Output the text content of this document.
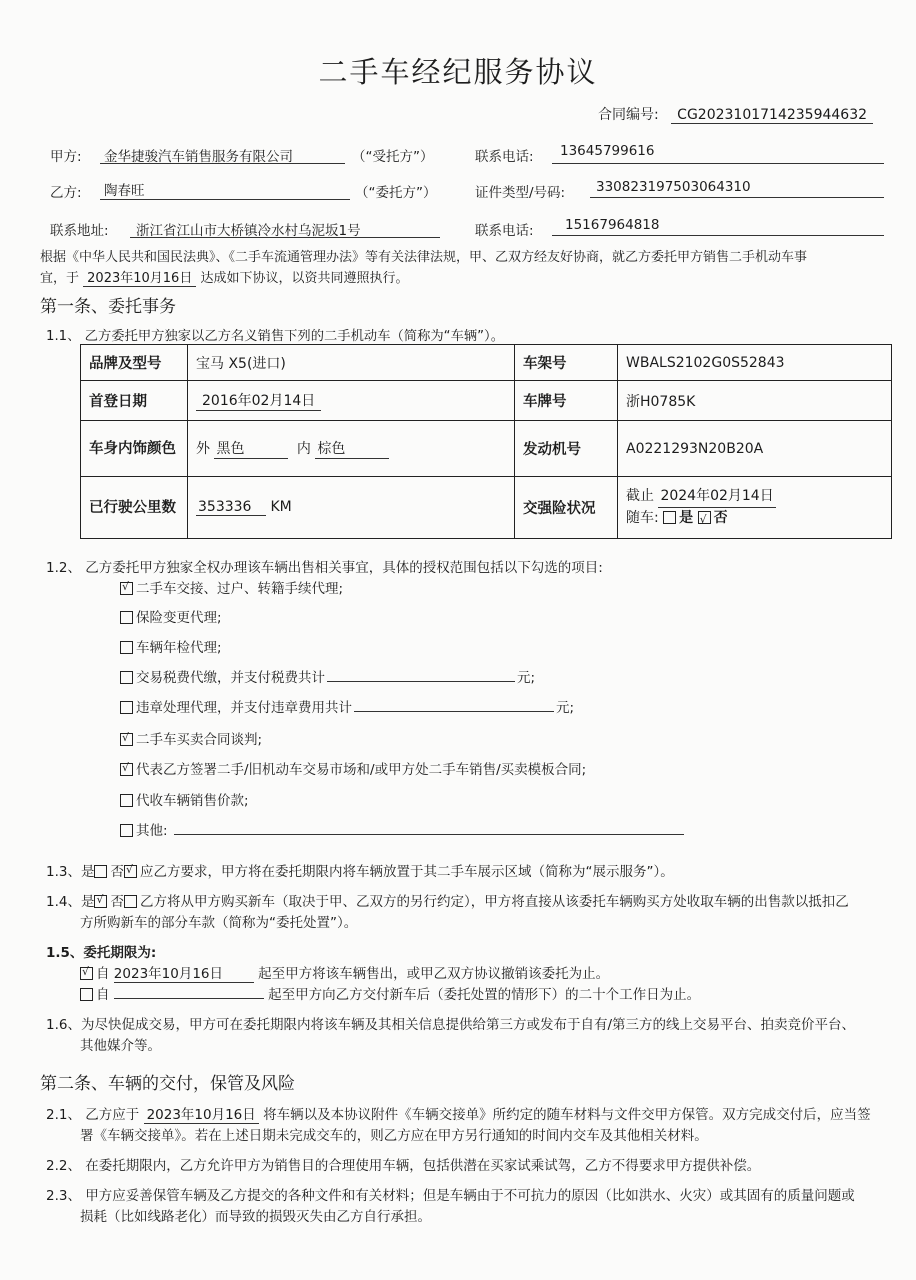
二手车经纪服务协议
合同编号: CG2023101714235944632
甲方: 金华捷骏汽车销售服务有限公司	（“受托方”）	联系电话: 13645799616
乙方: 陶春旺	（“委托方”）	证件类型/号码: 330823197503064310
联系地址: 浙江省江山市大桥镇冷水村乌泥坂1号	联系电话: 15167964818
根据《中华人民共和国民法典》、《二手车流通管理办法》等有关法律法规，甲、乙双方经友好协商，就乙方委托甲方销售二手机动车事
宜，于 2023年10月16日 达成如下协议，以资共同遵照执行。
第一条、委托事务
1.1、 乙方委托甲方独家以乙方名义销售下列的二手机动车（简称为“车辆”）。
品牌及型号	宝马 X5(进口)	车架号	WBALS2102G0S52843
首登日期	2016年02月14日	车牌号	浙H0785K
车身内饰颜色	外 黑色 内 棕色	发动机号	A0221293N20B20A
已行驶公里数	353336 KM	交强险状况	截止 2024年02月14日
随车: 是 √ 否
1.2、 乙方委托甲方独家全权办理该车辆出售相关事宜，具体的授权范围包括以下勾选的项目:
√二手车交接、过户、转籍手续代理;
保险变更代理;
车辆年检代理;
交易税费代缴，并支付税费共计	元;
违章处理代理，并支付违章费用共计	元;
√二手车买卖合同谈判;
√代表乙方签署二手/旧机动车交易市场和/或甲方处二手车销售/买卖模板合同;
代收车辆销售价款;
其他:
1.3、是 否 √ 应乙方要求，甲方将在委托期限内将车辆放置于其二手车展示区域（简称为“展示服务”）。
1.4、是 √ 否 乙方将从甲方购买新车（取决于甲、乙双方的另行约定），甲方将直接从该委托车辆购买方处收取车辆的出售款以抵扣乙
方所购新车的部分车款（简称为“委托处置”）。
1.5、委托期限为:
√自 2023年10月16日	起至甲方将该车辆售出，或甲乙双方协议撤销该委托为止。
自	起至甲方向乙方交付新车后（委托处置的情形下）的二十个工作日为止。
1.6、为尽快促成交易，甲方可在委托期限内将该车辆及其相关信息提供给第三方或发布于自有/第三方的线上交易平台、拍卖竞价平台、
其他媒介等。
第二条、车辆的交付，保管及风险
2.1、 乙方应于 2023年10月16日 将车辆以及本协议附件《车辆交接单》所约定的随车材料与文件交甲方保管。双方完成交付后，应当签
署《车辆交接单》。若在上述日期未完成交车的，则乙方应在甲方另行通知的时间内交车及其他相关材料。
2.2、 在委托期限内，乙方允许甲方为销售目的合理使用车辆，包括供潜在买家试乘试驾，乙方不得要求甲方提供补偿。
2.3、 甲方应妥善保管车辆及乙方提交的各种文件和有关材料；但是车辆由于不可抗力的原因（比如洪水、火灾）或其固有的质量问题或
损耗（比如线路老化）而导致的损毁灭失由乙方自行承担。
